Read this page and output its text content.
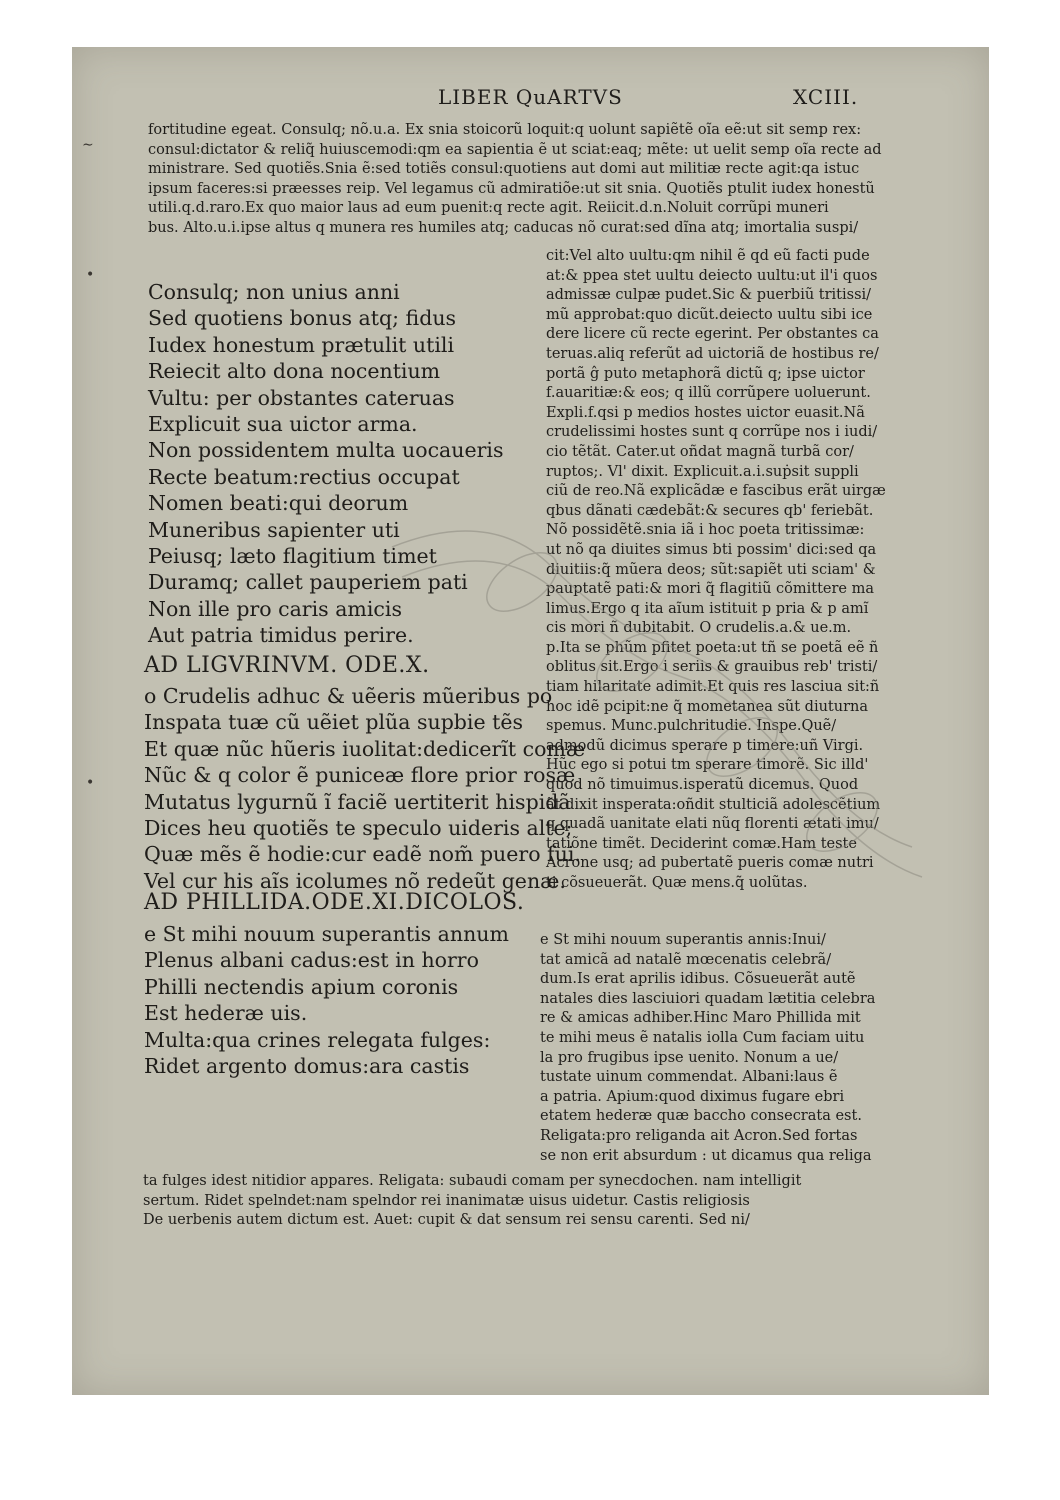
LIBER QuARTVS	XCIII.
fortitudine egeat. Consulq; nõ.u.a. Ex snia stoicorũ loquit:q uolunt sapiẽtẽ oĩa eẽ:ut sit semp rex:
consul:dictator & reliq̃ huiuscemodi:qm ea sapientia ẽ ut sciat:eaq; mẽte: ut uelit semp oĩa recte ad
ministrare. Sed quotiẽs.Snia ẽ:sed totiẽs consul:quotiens aut domi aut militiæ recte agit:qa istuc
ipsum faceres:si præesses reip. Vel legamus cũ admiratiõe:ut sit snia. Quotiẽs ptulit iudex honestũ
utili.q.d.raro.Ex quo maior laus ad eum puenit:q recte agit. Reiicit.d.n.Noluit corrũpi muneri
bus. Alto.u.i.ipse altus q munera res humiles atq; caducas nõ curat:sed dĩna atq; imortalia suspi/
cit:Vel alto uultu:qm nihil ẽ qd eũ facti pude
at:& ppea stet uultu deiecto uultu:ut il'i quos
admissæ culpæ pudet.Sic & puerbiũ tritissi/
mũ approbat:quo dicũt.deiecto uultu sibi ice
dere licere cũ recte egerint. Per obstantes ca
teruas.aliq referũt ad uictoriã de hostibus re/
portã ĝ puto metaphorã dictũ q; ipse uictor
f.auaritiæ:& eos; q illũ corrũpere uoluerunt.
Expli.f.qsi p medios hostes uictor euasit.Nã
crudelissimi hostes sunt q corrũpe nos i iudi/
cio tẽtãt. Cater.ut oñdat magnã turbã cor/
ruptos;. Vl' dixit. Explicuit.a.i.suṗsit suppli
ciũ de reo.Nã explicãdæ e fascibus erãt uirgæ
qbus dãnati cædebãt:& secures qb' feriebãt.
Nõ possidẽtẽ.snia iã i hoc poeta tritissimæ:
ut nõ qa diuites simus bti possim' dici:sed qa
diuitiis:q̃ mũera deos; sũt:sapiẽt uti sciam' &
pauptatẽ pati:& mori q̃ flagitiũ cõmittere ma
limus.Ergo q ita aĩum istituit p pria & p amĩ
cis mori ñ dubitabit. O crudelis.a.& ue.m.
p.Ita se phũm pfitet poeta:ut tñ se poetã eẽ ñ
oblitus sit.Ergo i seriis & grauibus reb' tristi/
tiam hilaritate adimit.Et quis res lasciua sit:ñ
hoc idẽ pcipit:ne q̃ mometanea sũt diuturna
spemus. Munc.pulchritudie. Inspe.Quẽ/
admodũ dicimus sperare p timere:uñ Virgi.
Hũc ego si potui tm sperare timorẽ. Sic illd'
quod nõ timuimus.isperatũ dicemus. Quod
ãt dixit insperata:oñdit stulticiã adolescẽtium
q quadã uanitate elati nũq florenti ætati imu/
tatiõne timẽt. Deciderint comæ.Ham teste
Acrone usq; ad pubertatẽ pueris comæ nutri
ti cõsueuerãt. Quæ mens.q̃ uolũtas.
Consulq; non unius anni
Sed quotiens bonus atq; fidus
Iudex honestum prætulit utili
Reiecit alto dona nocentium
Vultu: per obstantes cateruas
Explicuit sua uictor arma.
Non possidentem multa uocaueris
Recte beatum:rectius occupat
Nomen beati:qui deorum
Muneribus sapienter uti
Peiusq; læto flagitium timet
Duramq; callet pauperiem pati
Non ille pro caris amicis
Aut patria timidus perire.
AD LIGVRINVM. ODE.X.
o Crudelis adhuc & uẽeris mũeribus po
Inspata tuæ cũ uẽiet plũa supbie tẽs
Et quæ nũc hũeris iuolitat:dedicerĩt comæ
Nũc & q color ẽ puniceæ flore prior rosæ
Mutatus lygurnũ ĩ faciẽ uertiterit hispidã
Dices heu quotiẽs te speculo uideris alte;
Quæ mẽs ẽ hodie:cur eadẽ nom̃ puero fui.
Vel cur his aĩs icolumes nõ redeũt genæ.
AD PHILLIDA.ODE.XI.DICOLOS.
e St mihi nouum superantis annum
Plenus albani cadus:est in horro
Philli nectendis apium coronis
Est hederæ uis.
Multa:qua crines relegata fulges:
Ridet argento domus:ara castis
e St mihi nouum superantis annis:Inui/
tat amicã ad natalẽ mœcenatis celebrã/
dum.Is erat aprilis idibus. Cõsueuerãt autẽ
natales dies lasciuiori quadam lætitia celebra
re & amicas adhiber.Hinc Maro Phillida mit
te mihi meus ẽ natalis iolla Cum faciam uitu
la pro frugibus ipse uenito. Nonum a ue/
tustate uinum commendat. Albani:laus ẽ
a patria. Apium:quod diximus fugare ebri
etatem hederæ quæ baccho consecrata est.
Religata:pro religanda ait Acron.Sed fortas
se non erit absurdum : ut dicamus qua religa
ta fulges idest nitidior appares. Religata: subaudi comam per synecdochen. nam intelligit
sertum. Ridet spelndet:nam spelndor rei inanimatæ uisus uidetur. Castis religiosis
De uerbenis autem dictum est. Auet: cupit & dat sensum rei sensu carenti. Sed ni/
∼
•
•
